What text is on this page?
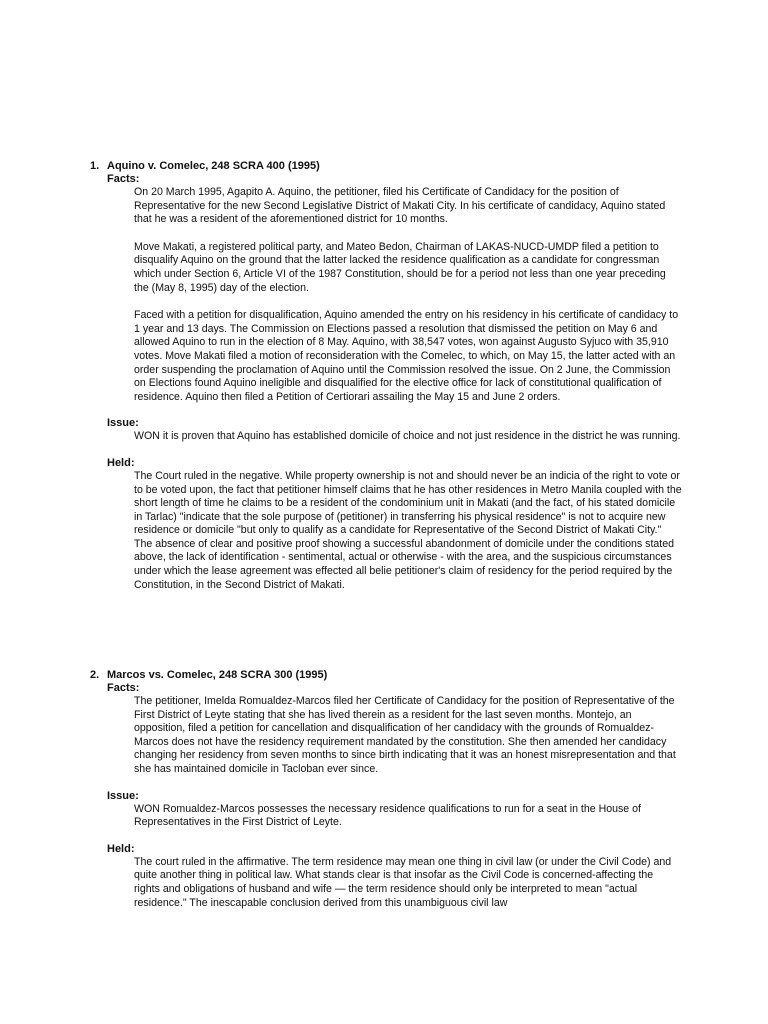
1. Aquino v. Comelec, 248 SCRA 400 (1995)

Facts:

On 20 March 1995, Agapito A. Aquino, the petitioner, filed his Certificate of Candidacy for the position of Representative for the new Second Legislative District of Makati City. In his certificate of candidacy, Aquino stated that he was a resident of the aforementioned district for 10 months.

Move Makati, a registered political party, and Mateo Bedon, Chairman of LAKAS-NUCD-UMDP filed a petition to disqualify Aquino on the ground that the latter lacked the residence qualification as a candidate for congressman which under Section 6, Article VI of the 1987 Constitution, should be for a period not less than one year preceding the (May 8, 1995) day of the election.

Faced with a petition for disqualification, Aquino amended the entry on his residency in his certificate of candidacy to 1 year and 13 days. The Commission on Elections passed a resolution that dismissed the petition on May 6 and allowed Aquino to run in the election of 8 May. Aquino, with 38,547 votes, won against Augusto Syjuco with 35,910 votes. Move Makati filed a motion of reconsideration with the Comelec, to which, on May 15, the latter acted with an order suspending the proclamation of Aquino until the Commission resolved the issue. On 2 June, the Commission on Elections found Aquino ineligible and disqualified for the elective office for lack of constitutional qualification of residence. Aquino then filed a Petition of Certiorari assailing the May 15 and June 2 orders.

Issue:

WON it is proven that Aquino has established domicile of choice and not just residence in the district he was running.

Held:

The Court ruled in the negative. While property ownership is not and should never be an indicia of the right to vote or to be voted upon, the fact that petitioner himself claims that he has other residences in Metro Manila coupled with the short length of time he claims to be a resident of the condominium unit in Makati (and the fact, of his stated domicile in Tarlac) "indicate that the sole purpose of (petitioner) in transferring his physical residence" is not to acquire new residence or domicile "but only to qualify as a candidate for Representative of the Second District of Makati City." The absence of clear and positive proof showing a successful abandonment of domicile under the conditions stated above, the lack of identification - sentimental, actual or otherwise - with the area, and the suspicious circumstances under which the lease agreement was effected all belie petitioner's claim of residency for the period required by the Constitution, in the Second District of Makati.

2. Marcos vs. Comelec, 248 SCRA 300 (1995)

Facts:

The petitioner, Imelda Romualdez-Marcos filed her Certificate of Candidacy for the position of Representative of the First District of Leyte stating that she has lived therein as a resident for the last seven months. Montejo, an opposition, filed a petition for cancellation and disqualification of her candidacy with the grounds of Romualdez-Marcos does not have the residency requirement mandated by the constitution. She then amended her candidacy changing her residency from seven months to since birth indicating that it was an honest misrepresentation and that she has maintained domicile in Tacloban ever since.

Issue:

WON Romualdez-Marcos possesses the necessary residence qualifications to run for a seat in the House of Representatives in the First District of Leyte.

Held:

The court ruled in the affirmative. The term residence may mean one thing in civil law (or under the Civil Code) and quite another thing in political law. What stands clear is that insofar as the Civil Code is concerned-affecting the rights and obligations of husband and wife — the term residence should only be interpreted to mean "actual residence." The inescapable conclusion derived from this unambiguous civil law
